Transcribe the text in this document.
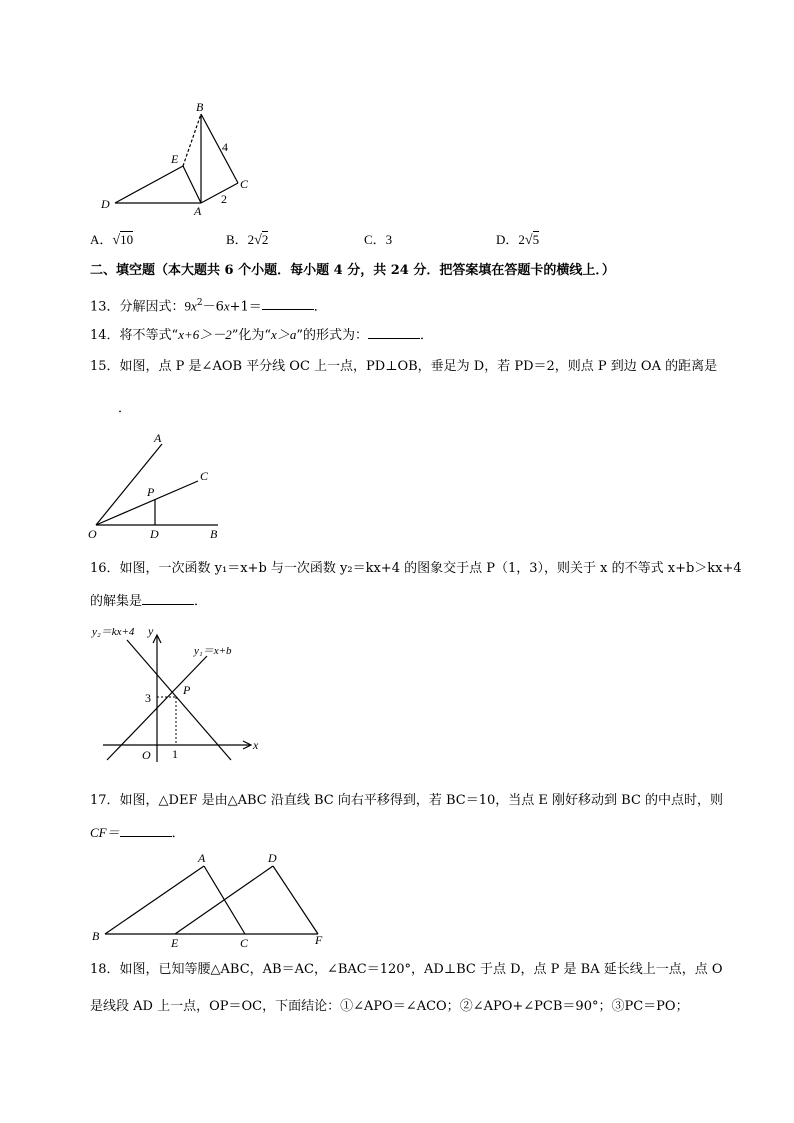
B
E
4
C
D	A
2
A．√10	B．2√2	C．3	D．2√5
二、填空题（本大题共 6 个小题．每小题 4 分，共 24 分．把答案填在答题卡的横线上．）
13．分解因式：$9x^2-6x+1=$	．
14．将不等式“x+6＞－2”化为“x＞a”的形式为：	．
15．如图，点 P 是∠AOB 平分线 OC 上一点，PD⊥OB，垂足为 D，若 PD＝2，则点 P 到边 OA 的距离是
．
A
C
P
O	D	B
16．如图，一次函数 y₁＝x+b 与一次函数 y₂＝kx+4 的图象交于点 P（1，3），则关于 x 的不等式 x+b＞kx+4
的解集是	．
y₂＝kx+4 y
y₁＝x+b
P
3
O 1
x
17．如图，△DEF 是由△ABC 沿直线 BC 向右平移得到，若 BC＝10，当点 E 刚好移动到 BC 的中点时，则
CF＝	．
A	D
B	E	C	F
18．如图，已知等腰△ABC，AB＝AC，∠BAC＝120°，AD⊥BC 于点 D，点 P 是 BA 延长线上一点，点 O
是线段 AD 上一点，OP＝OC，下面结论：①∠APO＝∠ACO；②∠APO+∠PCB＝90°；③PC＝PO；
